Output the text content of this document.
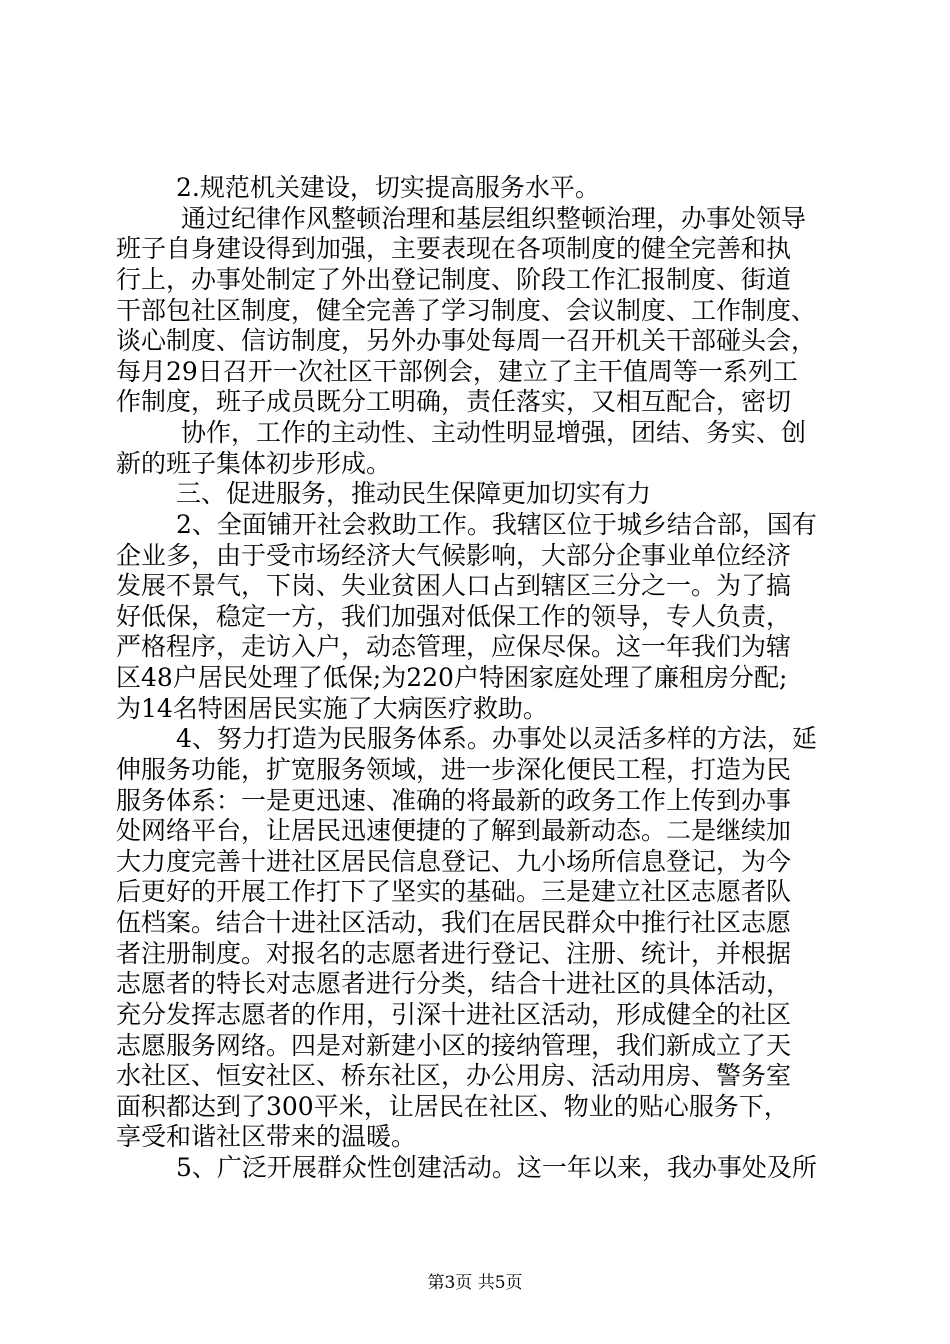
2.规范机关建设，切实提高服务水平。
通过纪律作风整顿治理和基层组织整顿治理，办事处领导
班子自身建设得到加强，主要表现在各项制度的健全完善和执
行上，办事处制定了外出登记制度、阶段工作汇报制度、街道
干部包社区制度，健全完善了学习制度、会议制度、工作制度、
谈心制度、信访制度，另外办事处每周一召开机关干部碰头会，
每月29日召开一次社区干部例会，建立了主干值周等一系列工
作制度，班子成员既分工明确，责任落实，又相互配合，密切
协作，工作的主动性、主动性明显增强，团结、务实、创
新的班子集体初步形成。
三、促进服务，推动民生保障更加切实有力
2、全面铺开社会救助工作。我辖区位于城乡结合部，国有
企业多，由于受市场经济大气候影响，大部分企事业单位经济
发展不景气，下岗、失业贫困人口占到辖区三分之一。为了搞
好低保，稳定一方，我们加强对低保工作的领导，专人负责，
严格程序，走访入户，动态管理，应保尽保。这一年我们为辖
区48户居民处理了低保;为220户特困家庭处理了廉租房分配;
为14名特困居民实施了大病医疗救助。
4、努力打造为民服务体系。办事处以灵活多样的方法，延
伸服务功能，扩宽服务领域，进一步深化便民工程，打造为民
服务体系：一是更迅速、准确的将最新的政务工作上传到办事
处网络平台，让居民迅速便捷的了解到最新动态。二是继续加
大力度完善十进社区居民信息登记、九小场所信息登记，为今
后更好的开展工作打下了坚实的基础。三是建立社区志愿者队
伍档案。结合十进社区活动，我们在居民群众中推行社区志愿
者注册制度。对报名的志愿者进行登记、注册、统计，并根据
志愿者的特长对志愿者进行分类，结合十进社区的具体活动，
充分发挥志愿者的作用，引深十进社区活动，形成健全的社区
志愿服务网络。四是对新建小区的接纳管理，我们新成立了天
水社区、恒安社区、桥东社区，办公用房、活动用房、警务室
面积都达到了300平米，让居民在社区、物业的贴心服务下，
享受和谐社区带来的温暖。
5、广泛开展群众性创建活动。这一年以来，我办事处及所
第3页 共5页
